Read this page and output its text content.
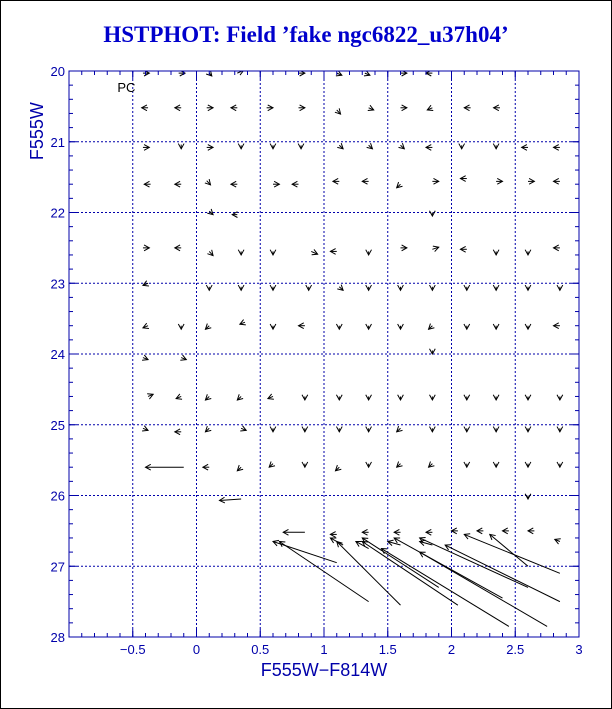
HSTPHOT: Field ’fake ngc6822_u37h04’
−0.5	0	0.5	1	1.5	2	2.5	3
20
21
22
23
24
25
26
27
28
PC
F555W−F814W
F555W
